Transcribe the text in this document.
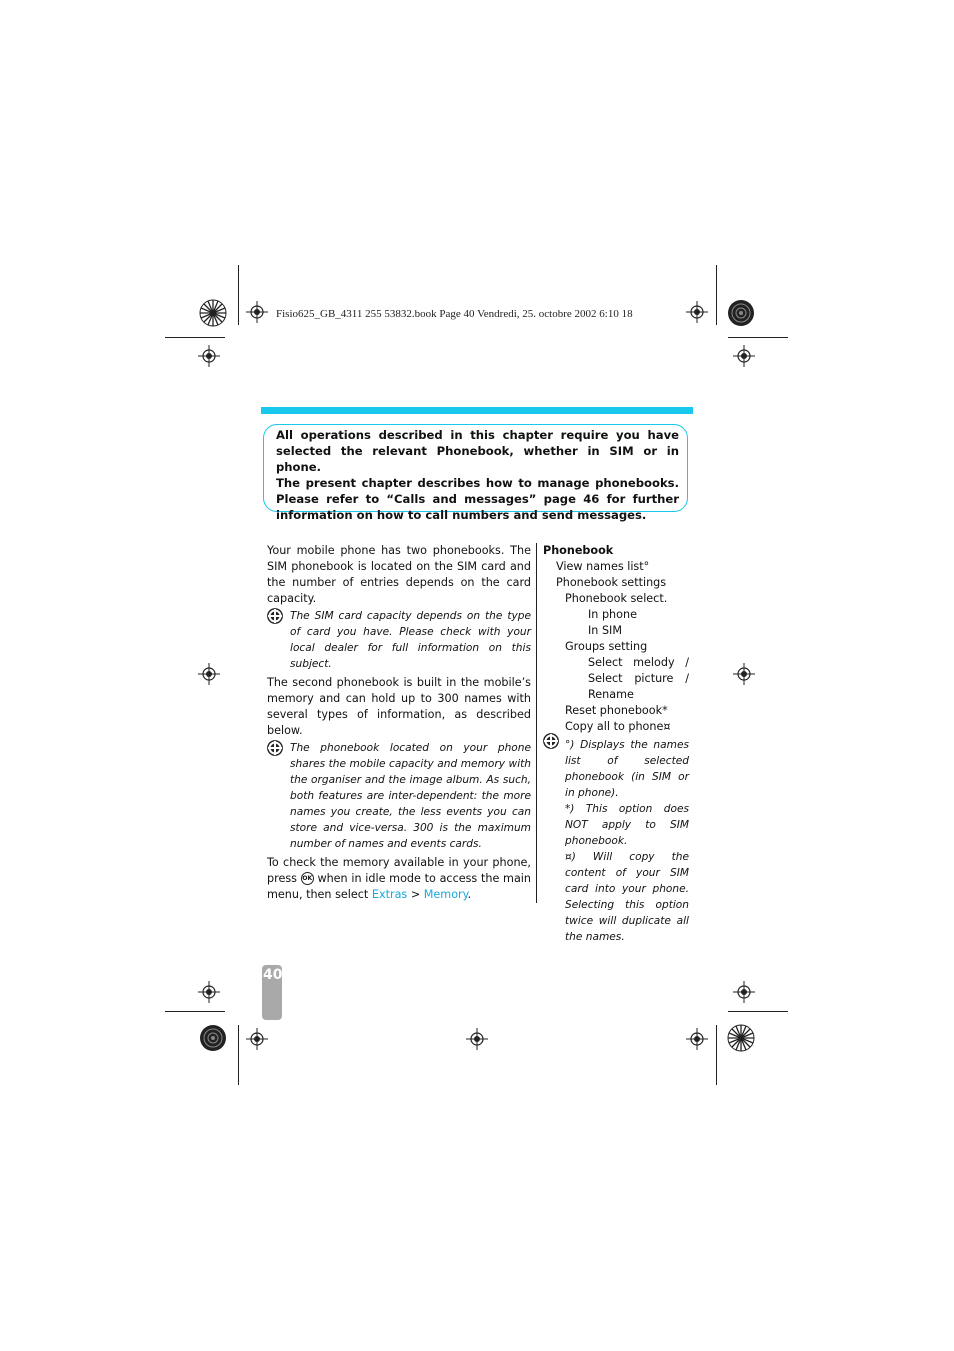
Fisio625_GB_4311 255 53832.book Page 40 Vendredi, 25. octobre 2002 6:10 18

All operations described in this chapter require you have selected the relevant Phonebook, whether in SIM or in phone.

The present chapter describes how to manage phonebooks. Please refer to “Calls and messages” page 46 for further information on how to call numbers and send messages.

Your mobile phone has two phonebooks. The SIM phonebook is located on the SIM card and the number of entries depends on the card capacity.

The SIM card capacity depends on the type of card you have. Please check with your local dealer for full information on this subject.

The second phonebook is built in the mobile’s memory and can hold up to 300 names with several types of information, as described below.

The phonebook located on your phone shares the mobile capacity and memory with the organiser and the image album. As such, both features are inter-dependent: the more names you create, the less events you can store and vice-versa. 300 is the maximum number of names and events cards.

To check the memory available in your phone, press OK when in idle mode to access the main menu, then select Extras > Memory.

Phonebook
View names list°
Phonebook settings
Phonebook select.
In phone
In SIM
Groups setting
Select melody /
Select picture /
Rename
Reset phonebook*
Copy all to phone¤

°) Displays the names list of selected phonebook (in SIM or in phone).

*) This option does NOT apply to SIM phonebook.

¤) Will copy the content of your SIM card into your phone. Selecting this option twice will duplicate all the names.

40
